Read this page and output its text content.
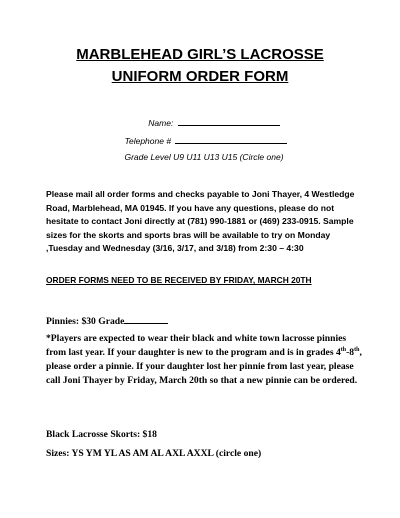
MARBLEHEAD GIRL’S LACROSSE
UNIFORM ORDER FORM
Name:
Telephone #
Grade Level U9 U11 U13 U15 (Circle one)
Please mail all order forms and checks payable to Joni Thayer, 4 Westledge Road, Marblehead, MA 01945. If you have any questions, please do not hesitate to contact Joni directly at (781) 990-1881 or (469) 233-0915. Sample sizes for the skorts and sports bras will be available to try on Monday ,Tuesday and Wednesday (3/16, 3/17, and 3/18) from 2:30 – 4:30
ORDER FORMS NEED TO BE RECEIVED BY FRIDAY, MARCH 20TH
Pinnies: $30 Grade
*Players are expected to wear their black and white town lacrosse pinnies from last year. If your daughter is new to the program and is in grades 4th-8th, please order a pinnie. If your daughter lost her pinnie from last year, please call Joni Thayer by Friday, March 20th so that a new pinnie can be ordered.
Black Lacrosse Skorts: $18
Sizes: YS YM YL AS AM AL AXL AXXL (circle one)
